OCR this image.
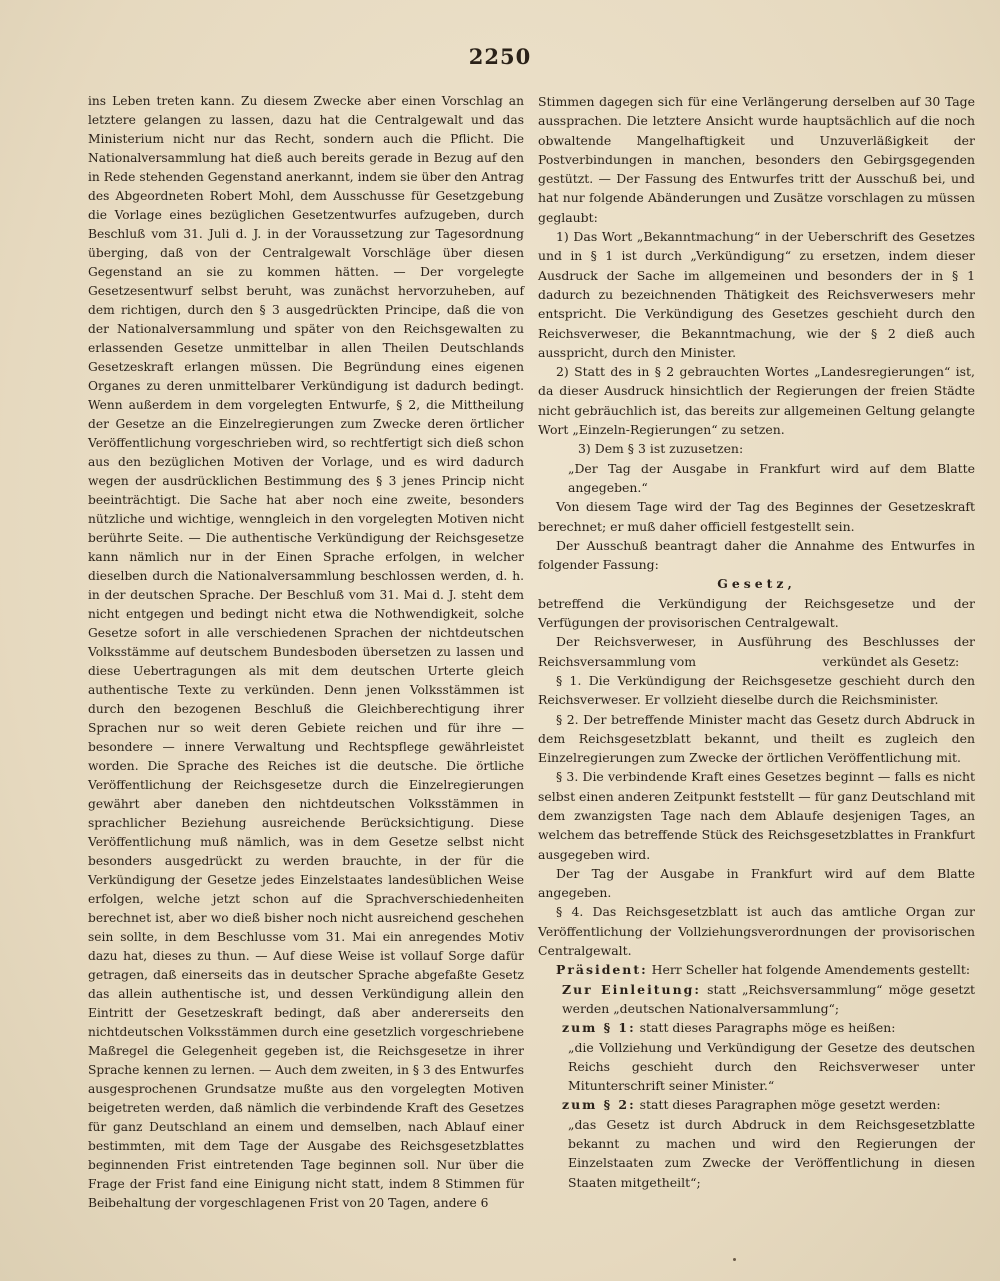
2250

ins Leben treten kann. Zu diesem Zwecke aber einen Vorschlag an letztere gelangen zu lassen, dazu hat die Centralgewalt und das Ministerium nicht nur das Recht, sondern auch die Pflicht. Die Nationalversammlung hat dieß auch bereits gerade in Bezug auf den in Rede stehenden Gegenstand anerkannt, indem sie über den Antrag des Abgeordneten Robert Mohl, dem Ausschusse für Gesetzgebung die Vorlage eines bezüglichen Gesetzentwurfes aufzugeben, durch Beschluß vom 31. Juli d. J. in der Voraussetzung zur Tagesordnung überging, daß von der Centralgewalt Vorschläge über diesen Gegenstand an sie zu kommen hätten. — Der vorgelegte Gesetzesentwurf selbst beruht, was zunächst hervorzuheben, auf dem richtigen, durch den § 3 ausgedrückten Principe, daß die von der Nationalversammlung und später von den Reichsgewalten zu erlassenden Gesetze unmittelbar in allen Theilen Deutschlands Gesetzeskraft erlangen müssen. Die Begründung eines eigenen Organes zu deren unmittelbarer Verkündigung ist dadurch bedingt. Wenn außerdem in dem vorgelegten Entwurfe, § 2, die Mittheilung der Gesetze an die Einzelregierungen zum Zwecke deren örtlicher Veröffentlichung vorgeschrieben wird, so rechtfertigt sich dieß schon aus den bezüglichen Motiven der Vorlage, und es wird dadurch wegen der ausdrücklichen Bestimmung des § 3 jenes Princip nicht beeinträchtigt. Die Sache hat aber noch eine zweite, besonders nützliche und wichtige, wenngleich in den vorgelegten Motiven nicht berührte Seite. — Die authentische Verkündigung der Reichsgesetze kann nämlich nur in der Einen Sprache erfolgen, in welcher dieselben durch die Nationalversammlung beschlossen werden, d. h. in der deutschen Sprache. Der Beschluß vom 31. Mai d. J. steht dem nicht entgegen und bedingt nicht etwa die Nothwendigkeit, solche Gesetze sofort in alle verschiedenen Sprachen der nichtdeutschen Volksstämme auf deutschem Bundesboden übersetzen zu lassen und diese Uebertragungen als mit dem deutschen Urterte gleich authentische Texte zu verkünden. Denn jenen Volksstämmen ist durch den bezogenen Beschluß die Gleichberechtigung ihrer Sprachen nur so weit deren Gebiete reichen und für ihre — besondere — innere Verwaltung und Rechtspflege gewährleistet worden. Die Sprache des Reiches ist die deutsche. Die örtliche Veröffentlichung der Reichsgesetze durch die Einzelregierungen gewährt aber daneben den nichtdeutschen Volksstämmen in sprachlicher Beziehung ausreichende Berücksichtigung. Diese Veröffentlichung muß nämlich, was in dem Gesetze selbst nicht besonders ausgedrückt zu werden brauchte, in der für die Verkündigung der Gesetze jedes Einzelstaates landesüblichen Weise erfolgen, welche jetzt schon auf die Sprachverschiedenheiten berechnet ist, aber wo dieß bisher noch nicht ausreichend geschehen sein sollte, in dem Beschlusse vom 31. Mai ein anregendes Motiv dazu hat, dieses zu thun. — Auf diese Weise ist vollauf Sorge dafür getragen, daß einerseits das in deutscher Sprache abgefaßte Gesetz das allein authentische ist, und dessen Verkündigung allein den Eintritt der Gesetzeskraft bedingt, daß aber andererseits den nichtdeutschen Volksstämmen durch eine gesetzlich vorgeschriebene Maßregel die Gelegenheit gegeben ist, die Reichsgesetze in ihrer Sprache kennen zu lernen. — Auch dem zweiten, in § 3 des Entwurfes ausgesprochenen Grundsatze mußte aus den vorgelegten Motiven beigetreten werden, daß nämlich die verbindende Kraft des Gesetzes für ganz Deutschland an einem und demselben, nach Ablauf einer bestimmten, mit dem Tage der Ausgabe des Reichsgesetzblattes beginnenden Frist eintretenden Tage beginnen soll. Nur über die Frage der Frist fand eine Einigung nicht statt, indem 8 Stimmen für Beibehaltung der vorgeschlagenen Frist von 20 Tagen, andere 6

Stimmen dagegen sich für eine Verlängerung derselben auf 30 Tage aussprachen. Die letztere Ansicht wurde hauptsächlich auf die noch obwaltende Mangelhaftigkeit und Unzuverläßigkeit der Postverbindungen in manchen, besonders den Gebirgsgegenden gestützt. — Der Fassung des Entwurfes tritt der Ausschuß bei, und hat nur folgende Abänderungen und Zusätze vorschlagen zu müssen geglaubt:

1) Das Wort „Bekanntmachung“ in der Ueberschrift des Gesetzes und in § 1 ist durch „Verkündigung“ zu ersetzen, indem dieser Ausdruck der Sache im allgemeinen und besonders der in § 1 dadurch zu bezeichnenden Thätigkeit des Reichsverwesers mehr entspricht. Die Verkündigung des Gesetzes geschieht durch den Reichsverweser, die Bekanntmachung, wie der § 2 dieß auch ausspricht, durch den Minister.

2) Statt des in § 2 gebrauchten Wortes „Landesregierungen“ ist, da dieser Ausdruck hinsichtlich der Regierungen der freien Städte nicht gebräuchlich ist, das bereits zur allgemeinen Geltung gelangte Wort „Einzeln-Regierungen“ zu setzen.

3) Dem § 3 ist zuzusetzen:

„Der Tag der Ausgabe in Frankfurt wird auf dem Blatte angegeben.“

Von diesem Tage wird der Tag des Beginnes der Gesetzeskraft berechnet; er muß daher officiell festgestellt sein.

Der Ausschuß beantragt daher die Annahme des Entwurfes in folgender Fassung:

Gesetz,

betreffend die Verkündigung der Reichsgesetze und der Verfügungen der provisorischen Centralgewalt.

Der Reichsverweser, in Ausführung des Beschlusses der Reichsversammlung vom                                verkündet als Gesetz:

§ 1. Die Verkündigung der Reichsgesetze geschieht durch den Reichsverweser. Er vollzieht dieselbe durch die Reichsminister.

§ 2. Der betreffende Minister macht das Gesetz durch Abdruck in dem Reichsgesetzblatt bekannt, und theilt es zugleich den Einzelregierungen zum Zwecke der örtlichen Veröffentlichung mit.

§ 3. Die verbindende Kraft eines Gesetzes beginnt — falls es nicht selbst einen anderen Zeitpunkt feststellt — für ganz Deutschland mit dem zwanzigsten Tage nach dem Ablaufe desjenigen Tages, an welchem das betreffende Stück des Reichsgesetzblattes in Frankfurt ausgegeben wird.

Der Tag der Ausgabe in Frankfurt wird auf dem Blatte angegeben.

§ 4. Das Reichsgesetzblatt ist auch das amtliche Organ zur Veröffentlichung der Vollziehungsverordnungen der provisorischen Centralgewalt.

Präsident: Herr Scheller hat folgende Amendements gestellt:

Zur Einleitung: statt „Reichsversammlung“ möge gesetzt werden „deutschen Nationalversammlung“;

zum § 1: statt dieses Paragraphs möge es heißen:

„die Vollziehung und Verkündigung der Gesetze des deutschen Reichs geschieht durch den Reichsverweser unter Mitunterschrift seiner Minister.“

zum § 2: statt dieses Paragraphen möge gesetzt werden:

„das Gesetz ist durch Abdruck in dem Reichsgesetzblatte bekannt zu machen und wird den Regierungen der Einzelstaaten zum Zwecke der Veröffentlichung in diesen Staaten mitgetheilt“;
